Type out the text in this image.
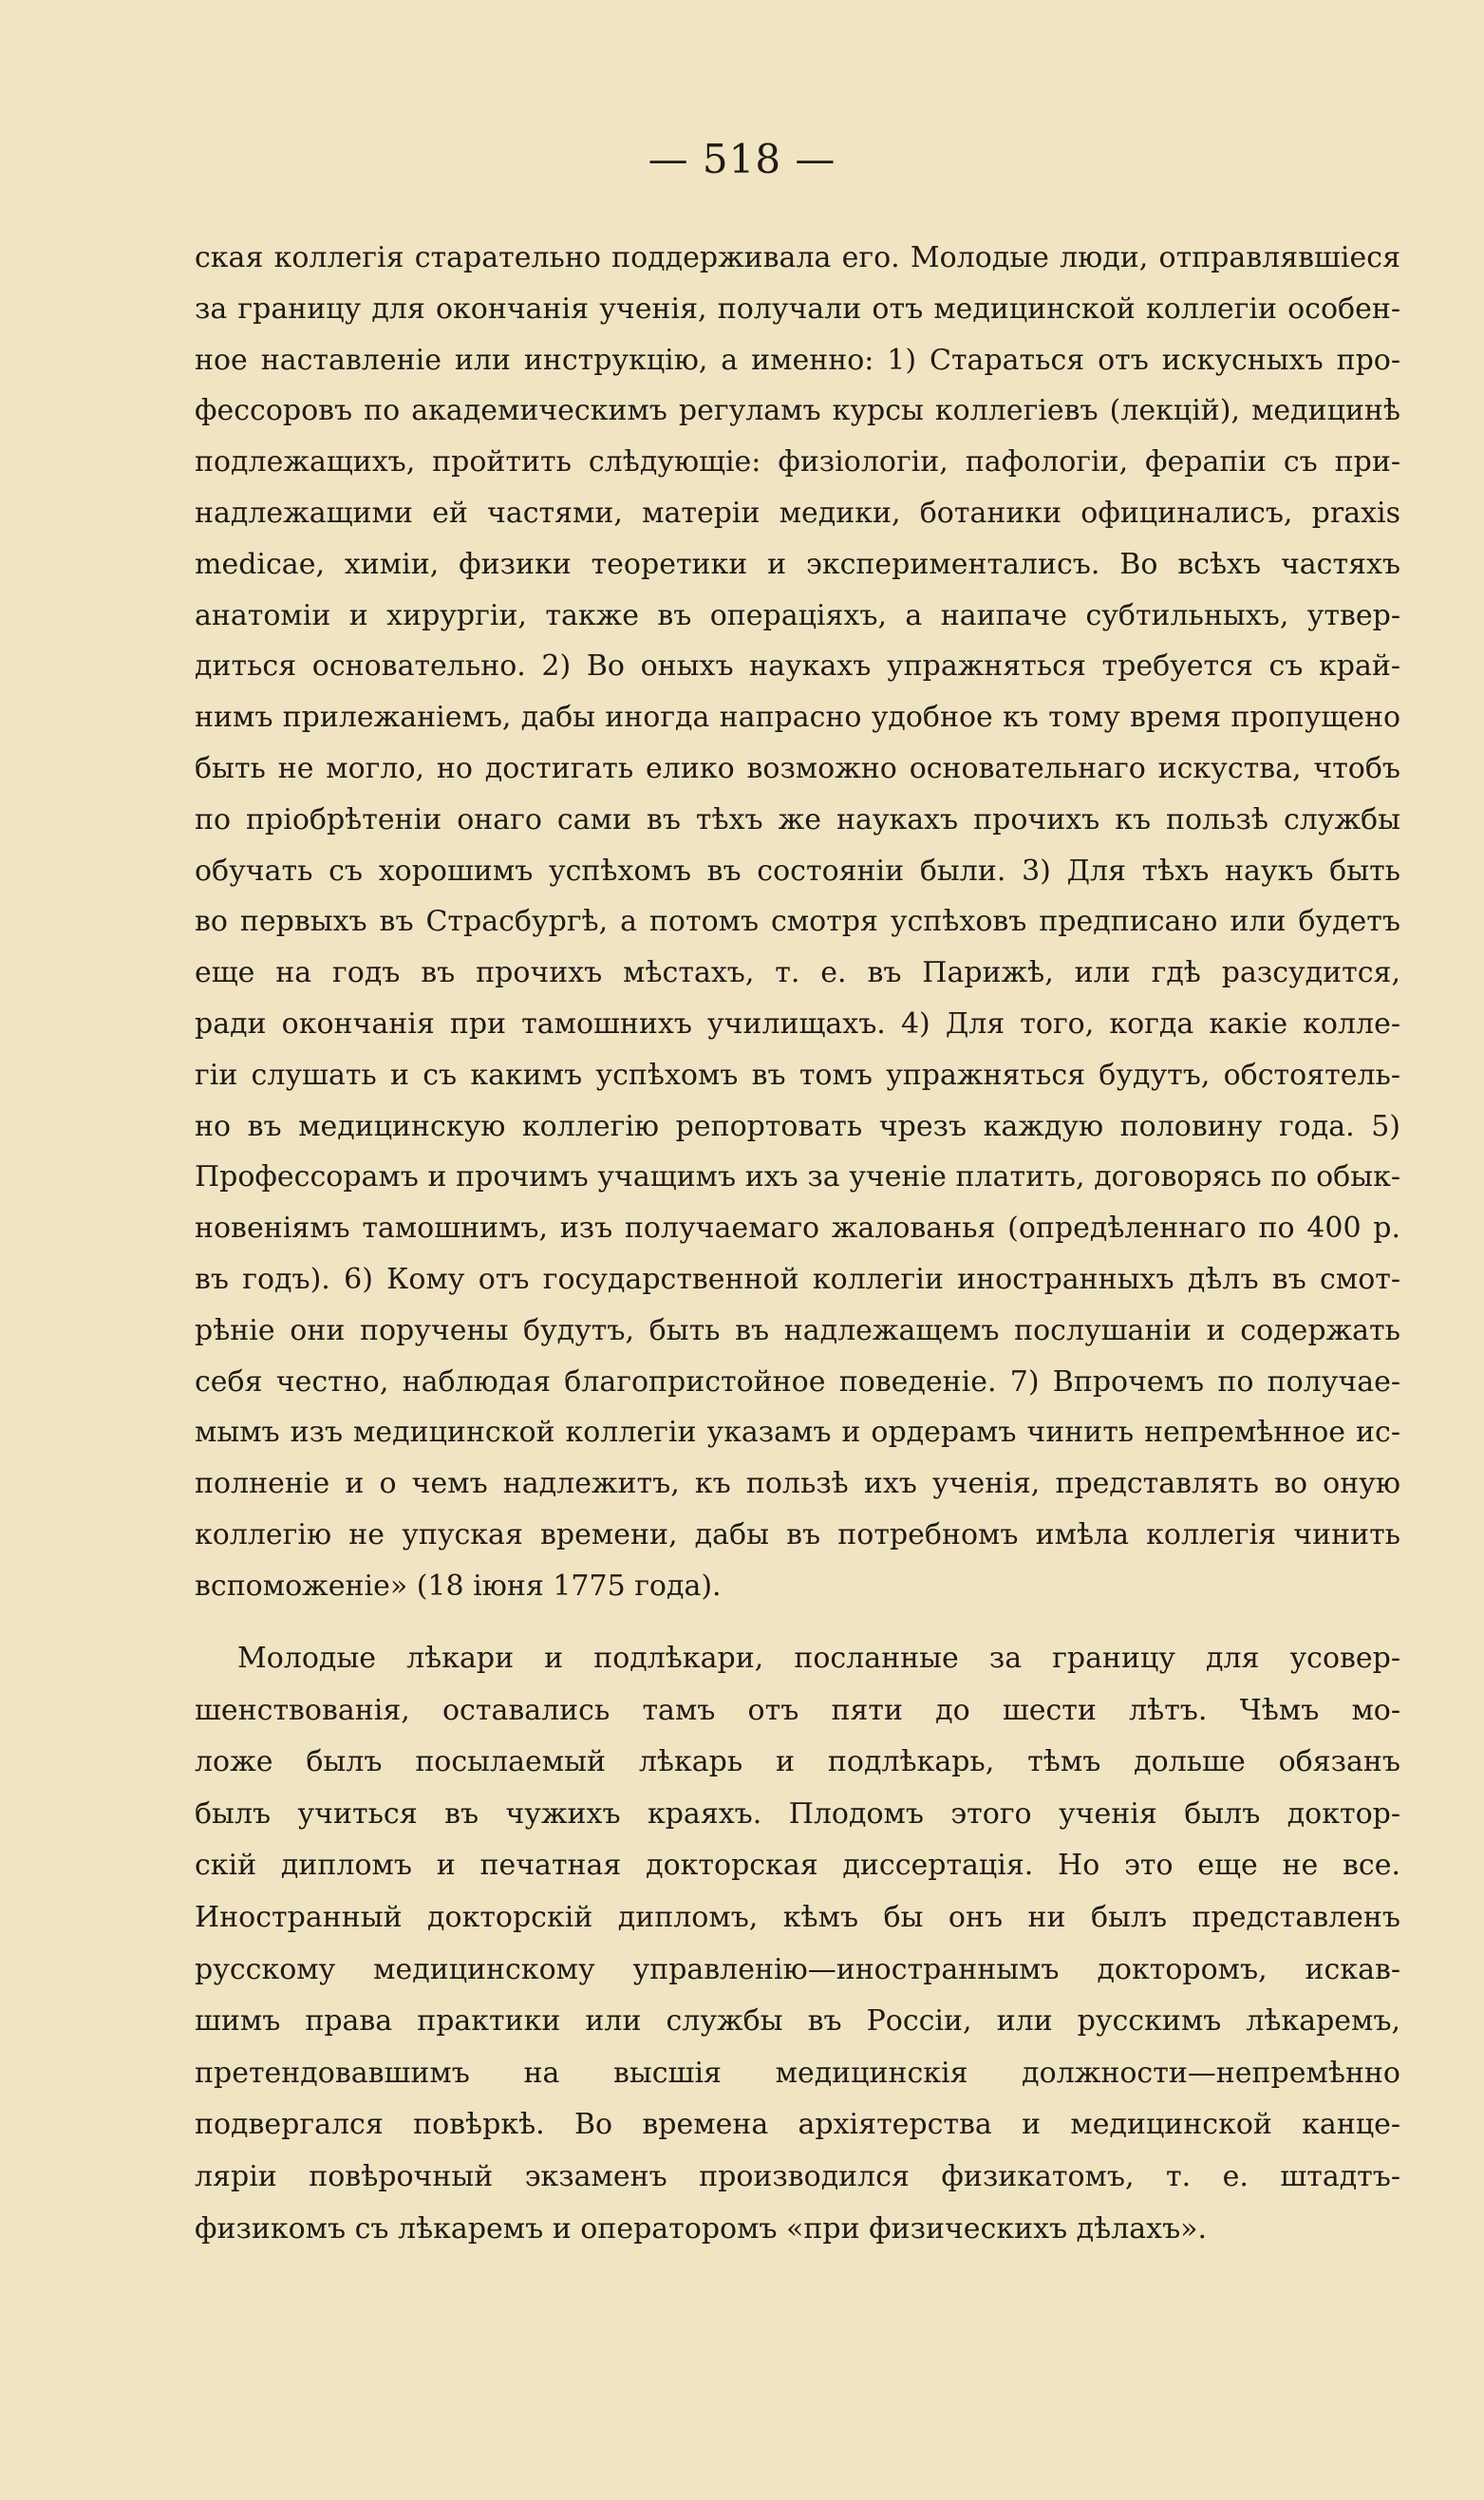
— 518 —
ская коллегія старательно поддерживала его. Молодые люди, отправлявшіеся
за границу для окончанія ученія, получали отъ медицинской коллегіи особен-
ное наставленіе или инструкцію, а именно: 1) Стараться отъ искусныхъ про-
фессоровъ по академическимъ регуламъ курсы коллегіевъ (лекцій), медицинѣ
подлежащихъ, пройтить слѣдующіе: физіологіи, пафологіи, ферапіи съ при-
надлежащими ей частями, матеріи медики, ботаники официналисъ, praxis
medicae, химіи, физики теоретики и эксперименталисъ. Во всѣхъ частяхъ
анатоміи и хирургіи, также въ операціяхъ, а наипаче субтильныхъ, утвер-
диться основательно. 2) Во оныхъ наукахъ упражняться требуется съ край-
нимъ прилежаніемъ, дабы иногда напрасно удобное къ тому время пропущено
быть не могло, но достигать елико возможно основательнаго искуства, чтобъ
по пріобрѣтеніи онаго сами въ тѣхъ же наукахъ прочихъ къ пользѣ службы
обучать съ хорошимъ успѣхомъ въ состояніи были. 3) Для тѣхъ наукъ быть
во первыхъ въ Страсбургѣ, а потомъ смотря успѣховъ предписано или будетъ
еще на годъ въ прочихъ мѣстахъ, т. е. въ Парижѣ, или гдѣ разсудится,
ради окончанія при тамошнихъ училищахъ. 4) Для того, когда какіе колле-
гіи слушать и съ какимъ успѣхомъ въ томъ упражняться будутъ, обстоятель-
но въ медицинскую коллегію репортовать чрезъ каждую половину года. 5)
Профессорамъ и прочимъ учащимъ ихъ за ученіе платить, договорясь по обык-
новеніямъ тамошнимъ, изъ получаемаго жалованья (опредѣленнаго по 400 р.
въ годъ). 6) Кому отъ государственной коллегіи иностранныхъ дѣлъ въ смот-
рѣніе они поручены будутъ, быть въ надлежащемъ послушаніи и содержать
себя честно, наблюдая благопристойное поведеніе. 7) Впрочемъ по получае-
мымъ изъ медицинской коллегіи указамъ и ордерамъ чинить непремѣнное ис-
полненіе и о чемъ надлежитъ, къ пользѣ ихъ ученія, представлять во оную
коллегію не упуская времени, дабы въ потребномъ имѣла коллегія чинить
вспоможеніе» (18 іюня 1775 года).
Молодые лѣкари и подлѣкари, посланные за границу для усовер-
шенствованія, оставались тамъ отъ пяти до шести лѣтъ. Чѣмъ мо-
ложе былъ посылаемый лѣкарь и подлѣкарь, тѣмъ дольше обязанъ
былъ учиться въ чужихъ краяхъ. Плодомъ этого ученія былъ доктор-
скій дипломъ и печатная докторская диссертація. Но это еще не все.
Иностранный докторскій дипломъ, кѣмъ бы онъ ни былъ представленъ
русскому медицинскому управленію—иностраннымъ докторомъ, искав-
шимъ права практики или службы въ Россіи, или русскимъ лѣкаремъ,
претендовавшимъ на высшія медицинскія должности—непремѣнно
подвергался повѣркѣ. Во времена архіятерства и медицинской канце-
ляріи повѣрочный экзаменъ производился физикатомъ, т. е. штадтъ-
физикомъ съ лѣкаремъ и операторомъ «при физическихъ дѣлахъ».
